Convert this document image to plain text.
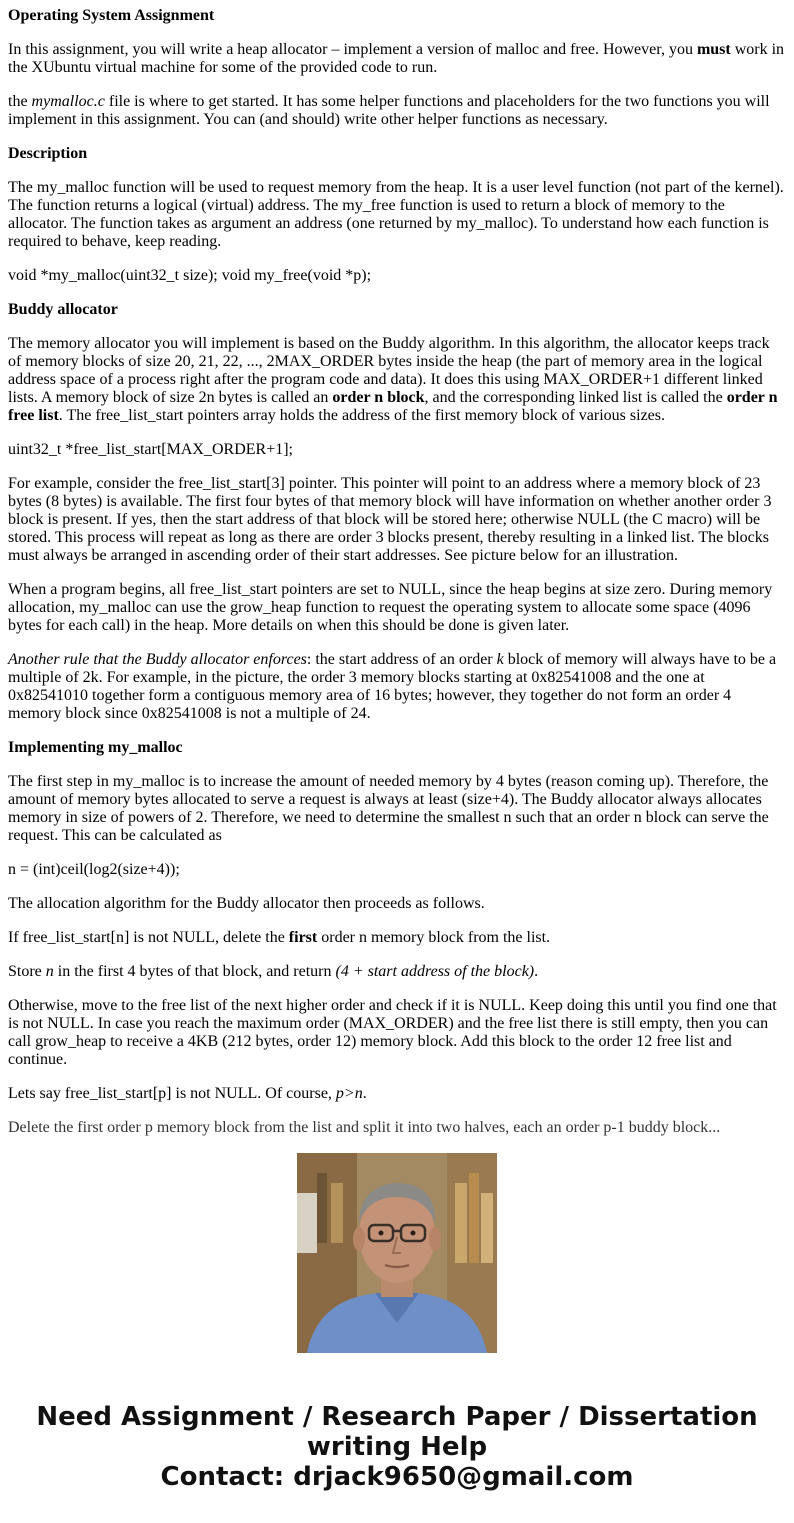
Operating System Assignment

In this assignment, you will write a heap allocator – implement a version of malloc and free. However, you must work in the XUbuntu virtual machine for some of the provided code to run.

the mymalloc.c file is where to get started. It has some helper functions and placeholders for the two functions you will implement in this assignment. You can (and should) write other helper functions as necessary.

Description

The my_malloc function will be used to request memory from the heap. It is a user level function (not part of the kernel). The function returns a logical (virtual) address. The my_free function is used to return a block of memory to the allocator. The function takes as argument an address (one returned by my_malloc). To understand how each function is required to behave, keep reading.

void *my_malloc(uint32_t size); void my_free(void *p);

Buddy allocator

The memory allocator you will implement is based on the Buddy algorithm. In this algorithm, the allocator keeps track of memory blocks of size 20, 21, 22, ..., 2MAX_ORDER bytes inside the heap (the part of memory area in the logical address space of a process right after the program code and data). It does this using MAX_ORDER+1 different linked lists. A memory block of size 2n bytes is called an order n block, and the corresponding linked list is called the order n free list. The free_list_start pointers array holds the address of the first memory block of various sizes.

uint32_t *free_list_start[MAX_ORDER+1];

For example, consider the free_list_start[3] pointer. This pointer will point to an address where a memory block of 23 bytes (8 bytes) is available. The first four bytes of that memory block will have information on whether another order 3 block is present. If yes, then the start address of that block will be stored here; otherwise NULL (the C macro) will be stored. This process will repeat as long as there are order 3 blocks present, thereby resulting in a linked list. The blocks must always be arranged in ascending order of their start addresses. See picture below for an illustration.

When a program begins, all free_list_start pointers are set to NULL, since the heap begins at size zero. During memory allocation, my_malloc can use the grow_heap function to request the operating system to allocate some space (4096 bytes for each call) in the heap. More details on when this should be done is given later.

Another rule that the Buddy allocator enforces: the start address of an order k block of memory will always have to be a multiple of 2k. For example, in the picture, the order 3 memory blocks starting at 0x82541008 and the one at 0x82541010 together form a contiguous memory area of 16 bytes; however, they together do not form an order 4 memory block since 0x82541008 is not a multiple of 24.

Implementing my_malloc

The first step in my_malloc is to increase the amount of needed memory by 4 bytes (reason coming up). Therefore, the amount of memory bytes allocated to serve a request is always at least (size+4). The Buddy allocator always allocates memory in size of powers of 2. Therefore, we need to determine the smallest n such that an order n block can serve the request. This can be calculated as

n = (int)ceil(log2(size+4));

The allocation algorithm for the Buddy allocator then proceeds as follows.

If free_list_start[n] is not NULL, delete the first order n memory block from the list.

Store n in the first 4 bytes of that block, and return (4 + start address of the block).

Otherwise, move to the free list of the next higher order and check if it is NULL. Keep doing this until you find one that is not NULL. In case you reach the maximum order (MAX_ORDER) and the free list there is still empty, then you can call grow_heap to receive a 4KB (212 bytes, order 12) memory block. Add this block to the order 12 free list and continue.

Lets say free_list_start[p] is not NULL. Of course, p>n.

Delete the first order p memory block from the list and split it into two halves, each an order p-1 buddy block...

Need Assignment / Research Paper / Dissertation
writing Help
Contact: drjack9650@gmail.com
